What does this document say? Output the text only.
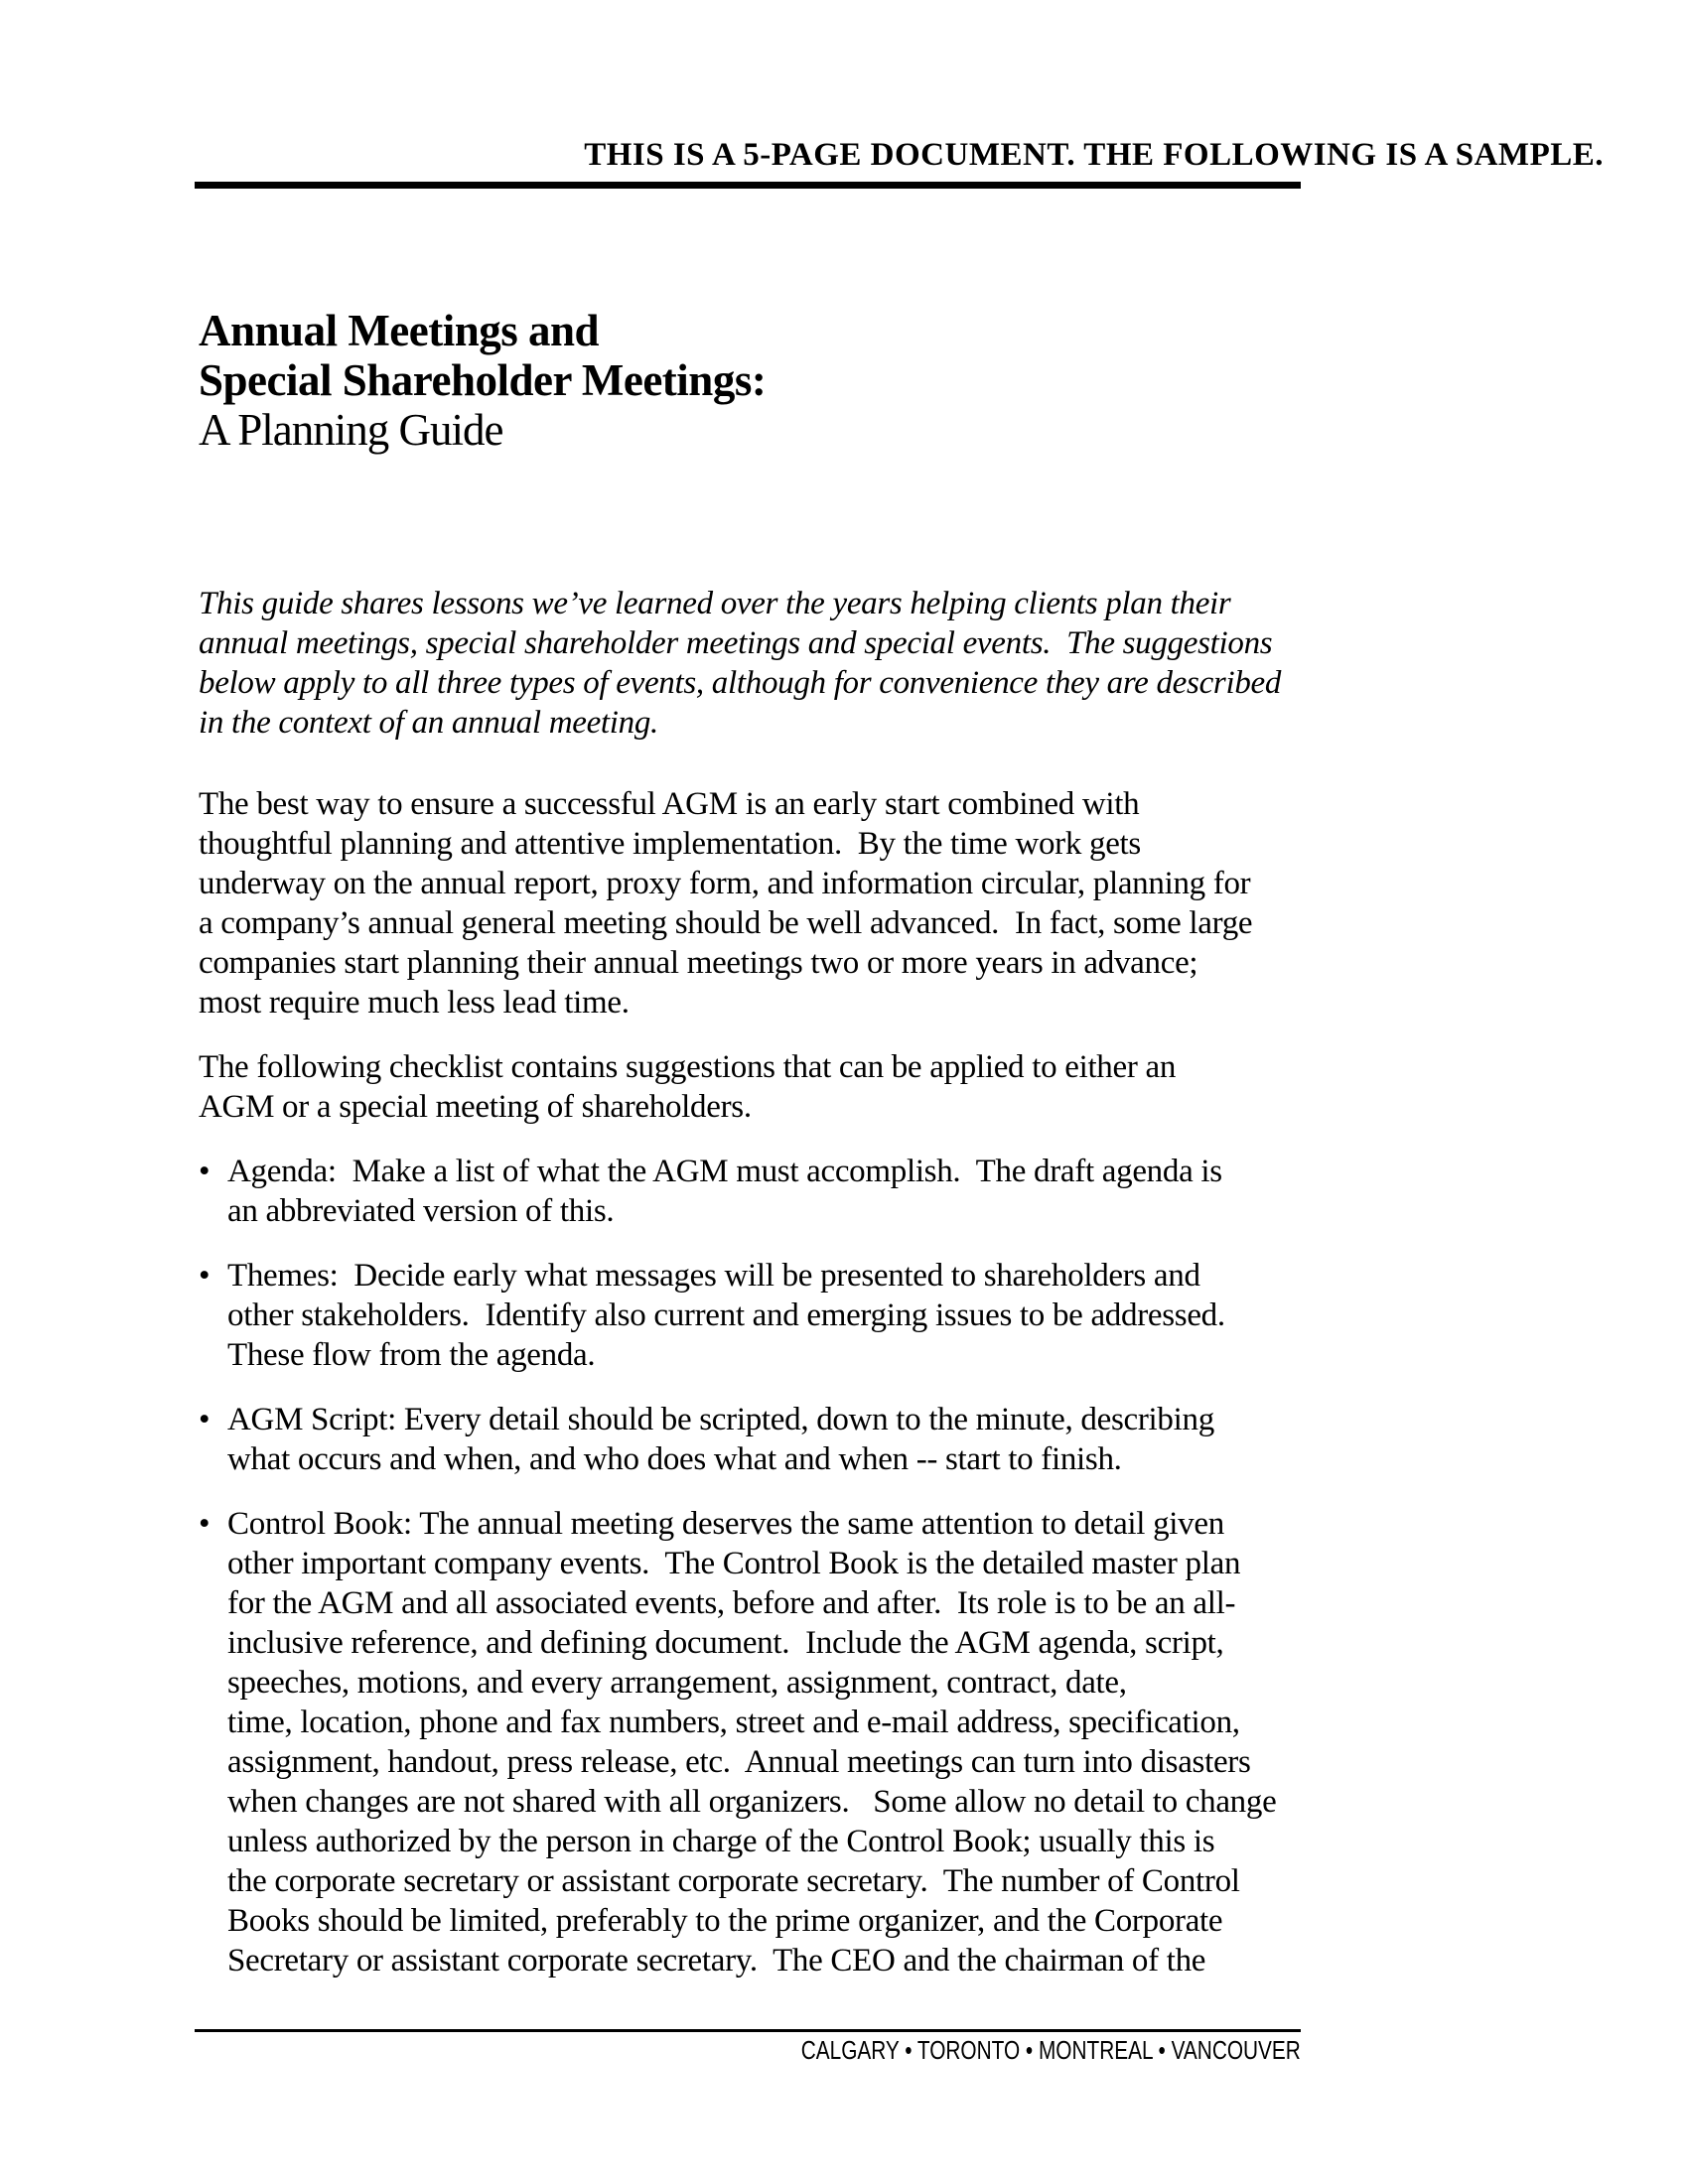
THIS IS A 5-PAGE DOCUMENT. THE FOLLOWING IS A SAMPLE.
Annual Meetings and
Special Shareholder Meetings:
A Planning Guide
This guide shares lessons we’ve learned over the years helping clients plan their
annual meetings, special shareholder meetings and special events.  The suggestions
below apply to all three types of events, although for convenience they are described
in the context of an annual meeting.
The best way to ensure a successful AGM is an early start combined with
thoughtful planning and attentive implementation.  By the time work gets
underway on the annual report, proxy form, and information circular, planning for
a company’s annual general meeting should be well advanced.  In fact, some large
companies start planning their annual meetings two or more years in advance;
most require much less lead time.
The following checklist contains suggestions that can be applied to either an
AGM or a special meeting of shareholders.
• Agenda:  Make a list of what the AGM must accomplish.  The draft agenda is
an abbreviated version of this.
• Themes:  Decide early what messages will be presented to shareholders and
other stakeholders.  Identify also current and emerging issues to be addressed.
These flow from the agenda.
• AGM Script: Every detail should be scripted, down to the minute, describing
what occurs and when, and who does what and when -- start to finish.
• Control Book: The annual meeting deserves the same attention to detail given
other important company events.  The Control Book is the detailed master plan
for the AGM and all associated events, before and after.  Its role is to be an all-
inclusive reference, and defining document.  Include the AGM agenda, script,
speeches, motions, and every arrangement, assignment, contract, date,
time, location, phone and fax numbers, street and e-mail address, specification,
assignment, handout, press release, etc.  Annual meetings can turn into disasters
when changes are not shared with all organizers.   Some allow no detail to change
unless authorized by the person in charge of the Control Book; usually this is
the corporate secretary or assistant corporate secretary.  The number of Control
Books should be limited, preferably to the prime organizer, and the Corporate
Secretary or assistant corporate secretary.  The CEO and the chairman of the
CALGARY • TORONTO • MONTREAL • VANCOUVER
